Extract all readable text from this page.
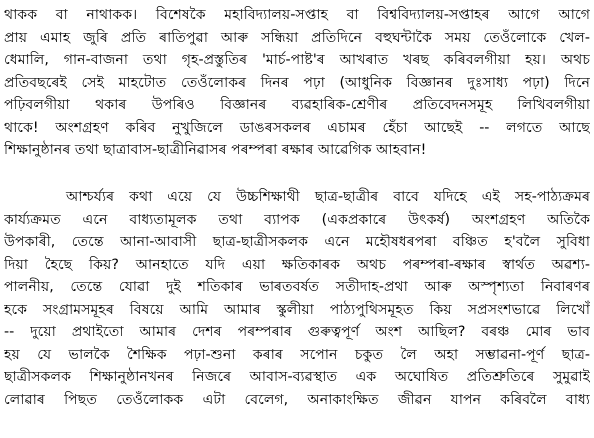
থাকক বা নাথাকক। বিশেষকৈ মহাবিদ্যালয়-সপ্তাহ বা বিশ্ববিদ্যালয়-সপ্তাহৰ আগে আগে
প্ৰায় এমাহ জুৰি প্ৰতি ৰাতিপুৱা আৰু সন্ধিয়া প্ৰতিদিনে বহুঘন্টাকৈ সময় তেওঁলোকে খেল-
ধেমালি, গান-বাজনা তথা গৃহ-প্ৰস্তুতিৰ 'মাৰ্চ-পাষ্ট'ৰ আখৰাত খৰছ কৰিবলগীয়া হয়। অথচ
প্ৰতিবছৰেই সেই মাহটোত তেওঁলোকৰ দিনৰ পঢ়া (আধুনিক বিজ্ঞানৰ দুঃসাধ্য পঢ়া) দিনে
পঢ়িবলগীয়া থকাৰ উপৰিও বিজ্ঞানৰ ব্যৱহাৰিক-শ্ৰেণীৰ প্ৰতিবেদনসমূহ লিখিবলগীয়া
থাকে! অংশগ্ৰহণ কৰিব নুখুজিলে ডাঙৰসকলৰ এচামৰ হেঁচা আছেই -- লগতে আছে
শিক্ষানুষ্ঠানৰ তথা ছাত্ৰাবাস-ছাত্ৰীনিৱাসৰ পৰম্পৰা ৰক্ষাৰ আৱেগিক আহবান!
আশ্চৰ্য্যৰ কথা এয়ে যে উচ্চশিক্ষাথী ছাত্ৰ-ছাত্ৰীৰ বাবে যদিহে এই সহ-পাঠ্যক্ৰমৰ
কাৰ্য্যক্ৰমত এনে বাধ্যতামূলক তথা ব্যাপক (একপ্ৰকাৰে উৎকৰ্ষ) অংশগ্ৰহণ অতিকৈ
উপকাৰী, তেন্তে আনা-আবাসী ছাত্ৰ-ছাত্ৰীসকলক এনে মহৌষধৰপৰা বঞ্চিত হ'বলৈ সুবিধা
দিয়া হৈছে কিয়? আনহাতে যদি এয়া ক্ষতিকাৰক অথচ পৰম্পৰা-ৰক্ষাৰ স্বাৰ্থত অৱশ্য-
পালনীয়, তেন্তে যোৱা দুই শতিকাৰ ভাৰতবৰ্ষত সতীদাহ-প্ৰথা আৰু অস্পৃশ্যতা নিবাৰণৰ
হকে সংগ্ৰামসমূহৰ বিষয়ে আমি আমাৰ স্কুলীয়া পাঠ্যপুথিসমূহত কিয় সপ্ৰসংশভাৱে লিখোঁ
-- দুয়ো প্ৰথাইতো আমাৰ দেশৰ পৰম্পৰাৰ গুৰুত্বপূৰ্ণ অংশ আছিল? বৰঞ্চ মোৰ ভাব
হয় যে ভালকৈ শৈক্ষিক পঢ়া-শুনা কৰাৰ সপোন চকুত লৈ অহা সম্ভাৱনা-পূৰ্ণ ছাত্ৰ-
ছাত্ৰীসকলক শিক্ষানুষ্ঠানখনৰ নিজৰে আবাস-ব্যৱস্থাত এক অঘোষিত প্ৰতিশ্ৰুতিৰে সুমুৱাই
লোৱাৰ পিছত তেওঁলোকক এটা বেলেগ, অনাকাংক্ষিত জীৱন যাপন কৰিবলৈ বাধ্য
